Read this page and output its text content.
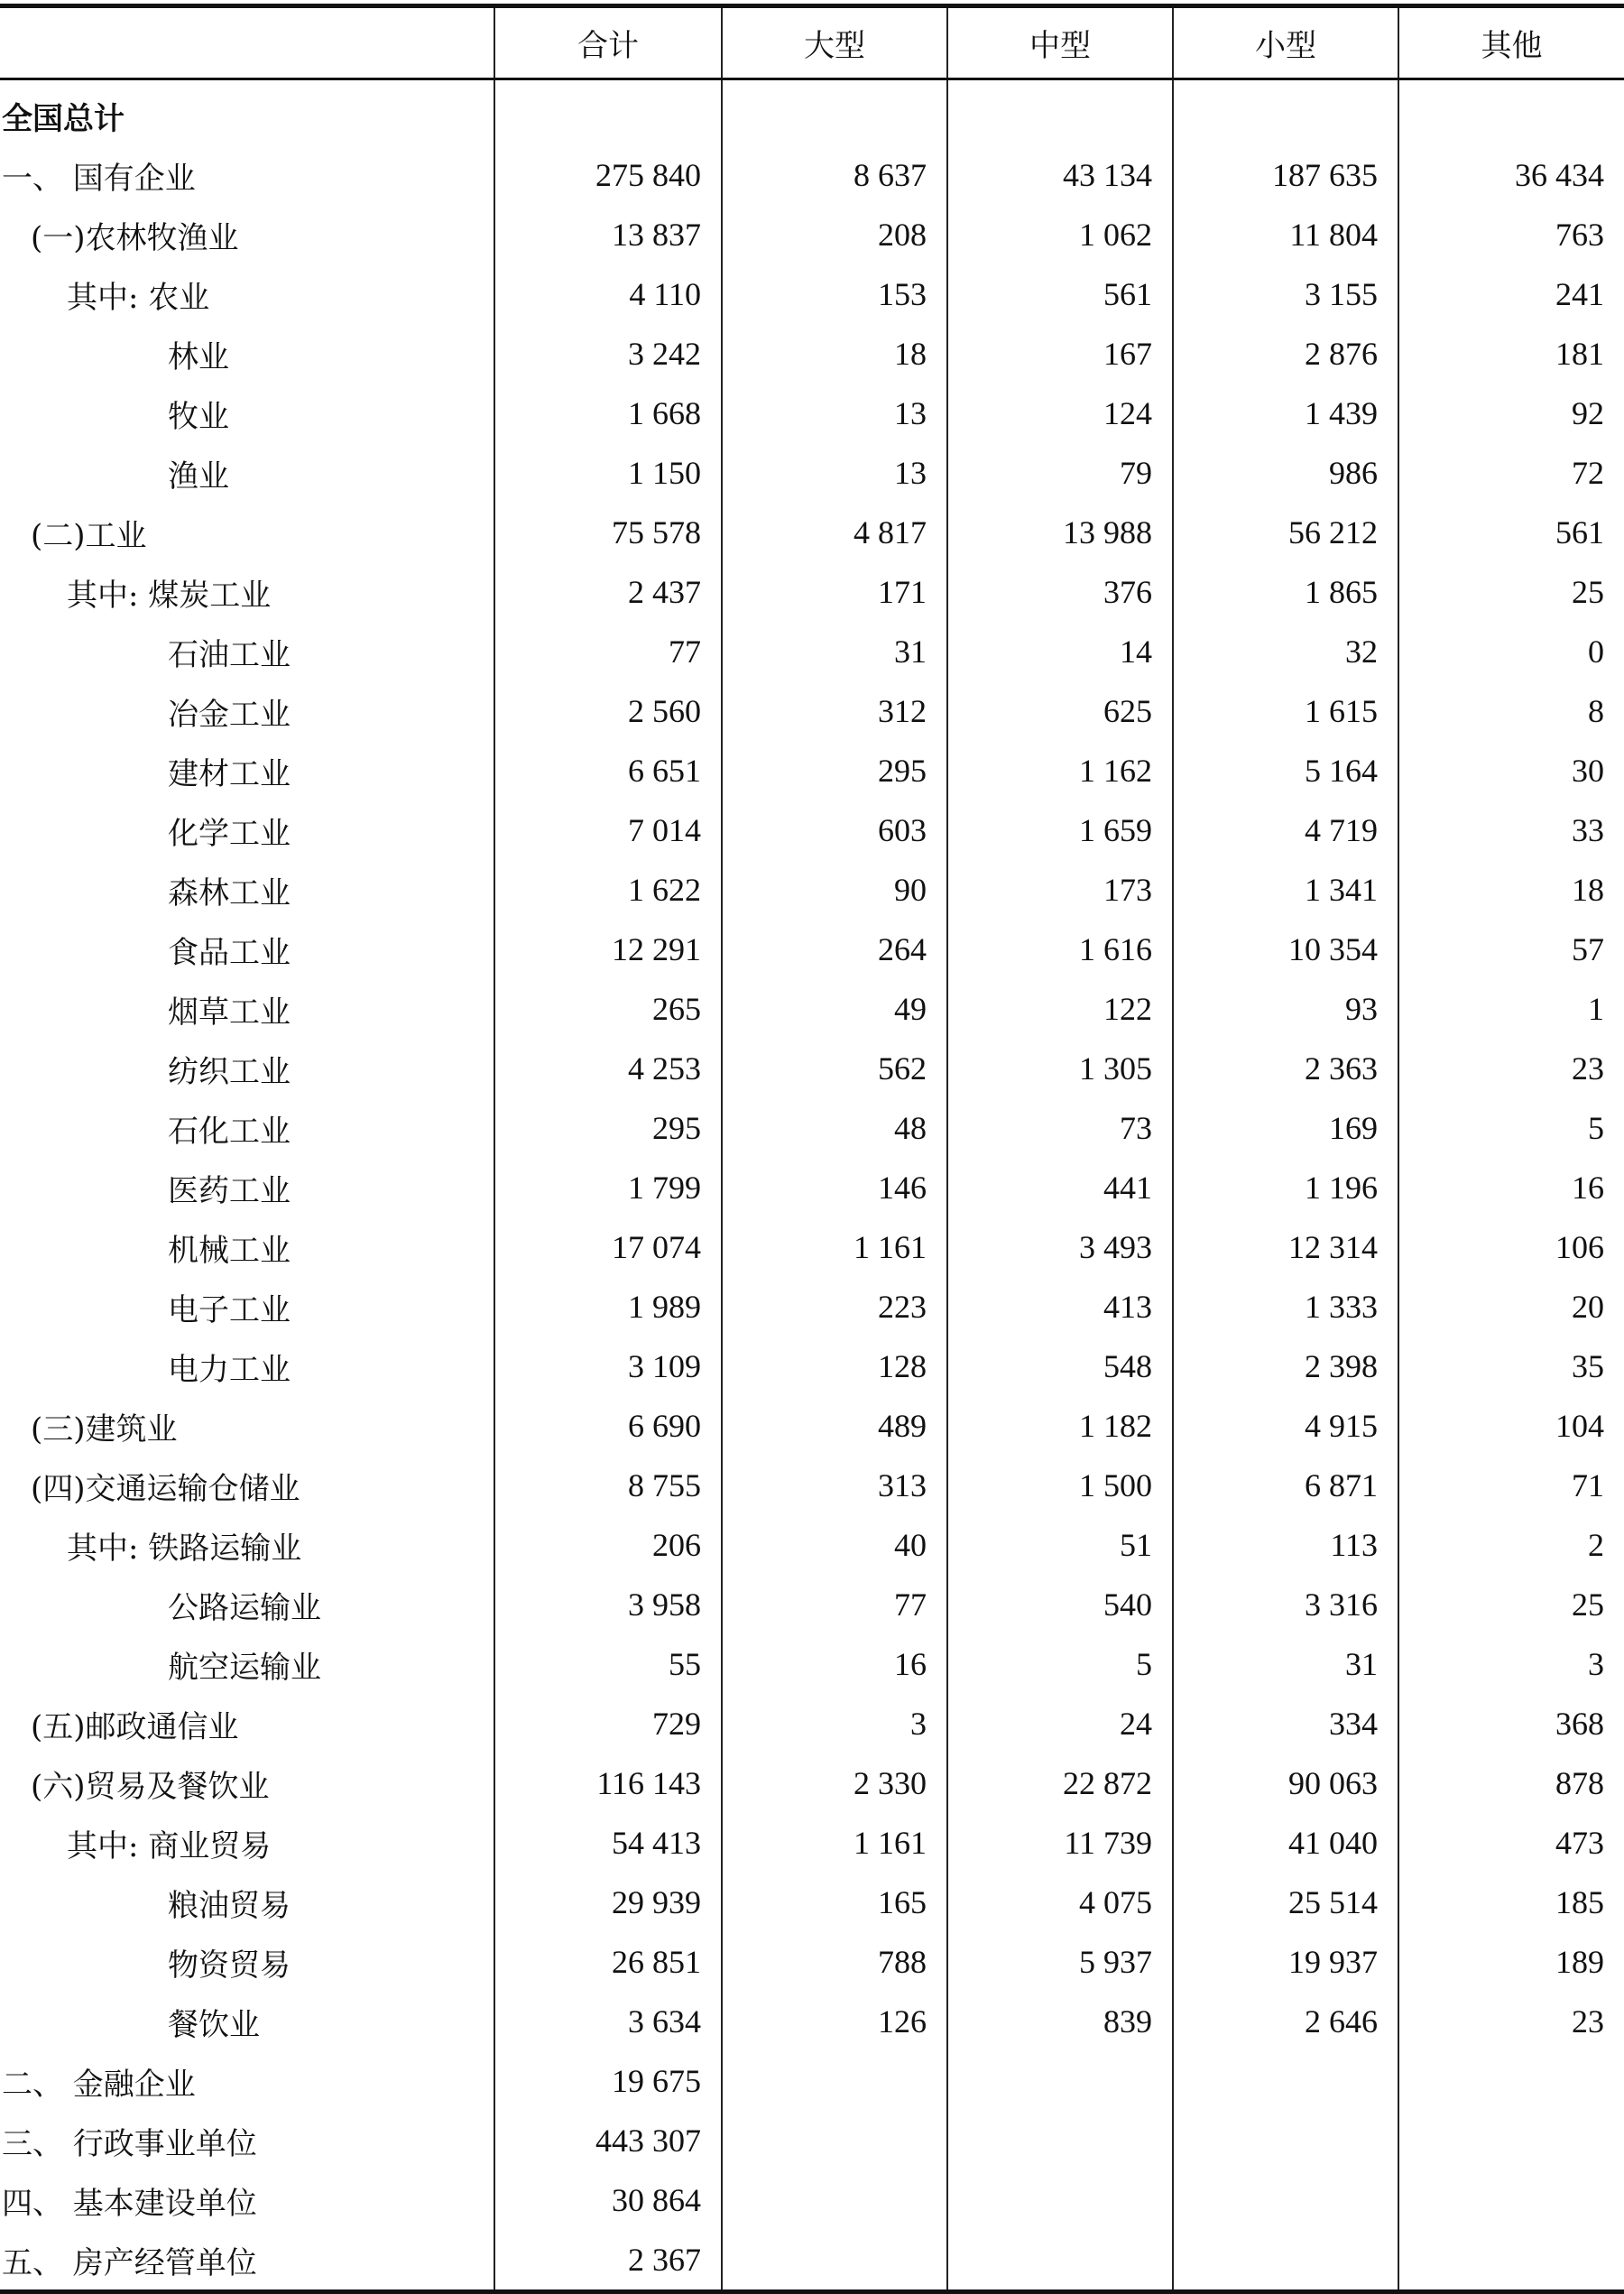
	合计	大型	中型	小型	其他
全国总计					
一、 国有企业	275 840	8 637	43 134	187 635	36 434
(一)农林牧渔业	13 837	208	1 062	11 804	763
其中: 农业	4 110	153	561	3 155	241
林业	3 242	18	167	2 876	181
牧业	1 668	13	124	1 439	92
渔业	1 150	13	79	986	72
(二)工业	75 578	4 817	13 988	56 212	561
其中: 煤炭工业	2 437	171	376	1 865	25
石油工业	77	31	14	32	0
冶金工业	2 560	312	625	1 615	8
建材工业	6 651	295	1 162	5 164	30
化学工业	7 014	603	1 659	4 719	33
森林工业	1 622	90	173	1 341	18
食品工业	12 291	264	1 616	10 354	57
烟草工业	265	49	122	93	1
纺织工业	4 253	562	1 305	2 363	23
石化工业	295	48	73	169	5
医药工业	1 799	146	441	1 196	16
机械工业	17 074	1 161	3 493	12 314	106
电子工业	1 989	223	413	1 333	20
电力工业	3 109	128	548	2 398	35
(三)建筑业	6 690	489	1 182	4 915	104
(四)交通运输仓储业	8 755	313	1 500	6 871	71
其中: 铁路运输业	206	40	51	113	2
公路运输业	3 958	77	540	3 316	25
航空运输业	55	16	5	31	3
(五)邮政通信业	729	3	24	334	368
(六)贸易及餐饮业	116 143	2 330	22 872	90 063	878
其中: 商业贸易	54 413	1 161	11 739	41 040	473
粮油贸易	29 939	165	4 075	25 514	185
物资贸易	26 851	788	5 937	19 937	189
餐饮业	3 634	126	839	2 646	23
二、 金融企业	19 675				
三、 行政事业单位	443 307				
四、 基本建设单位	30 864				
五、 房产经管单位	2 367				
